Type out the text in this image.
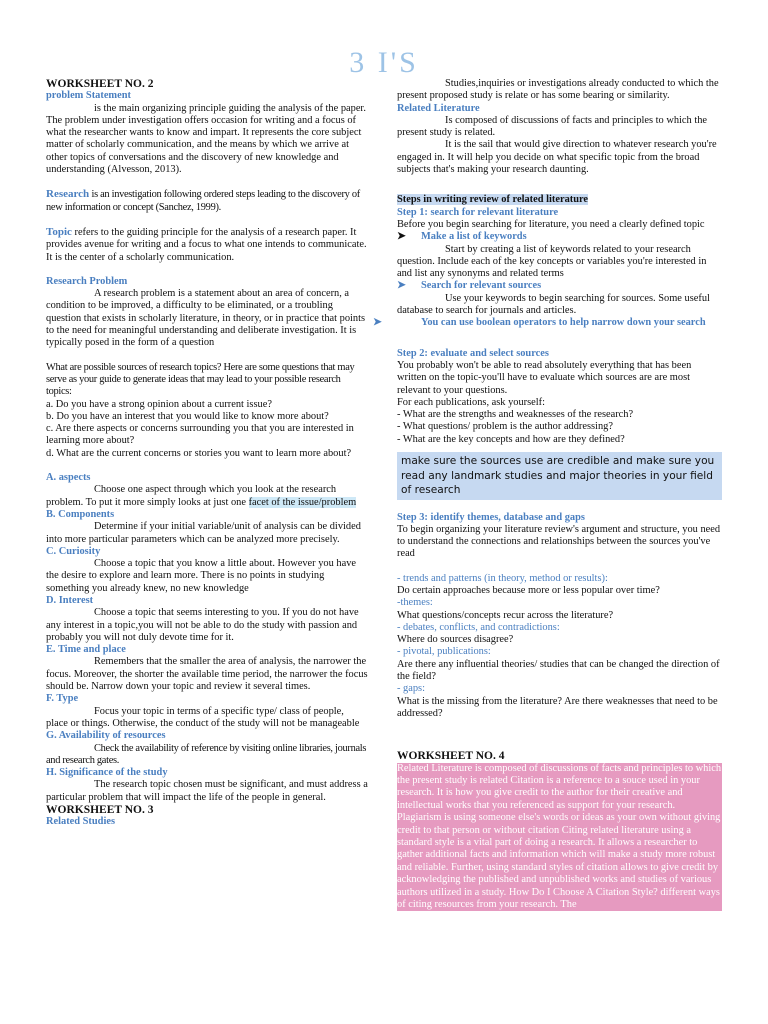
3 I'S

WORKSHEET NO. 2

problem Statement

is the main organizing principle guiding the analysis of the paper. The problem under investigation offers occasion for writing and a focus of what the researcher wants to know and impart. It represents the core subject matter of scholarly communication, and the means by which we arrive at other topics of conversations and the discovery of new knowledge and understanding (Alvesson, 2013).

Research is an investigation following ordered steps leading to the discovery of new information or concept (Sanchez, 1999).

Topic refers to the guiding principle for the analysis of a research paper. It provides avenue for writing and a focus to what one intends to communicate. It is the center of a scholarly communication.

Research Problem

A research problem is a statement about an area of concern, a condition to be improved, a difficulty to be eliminated, or a troubling question that exists in scholarly literature, in theory, or in practice that points to the need for meaningful understanding and deliberate investigation. It is typically posed in the form of a question

What are possible sources of research topics? Here are some questions that may serve as your guide to generate ideas that may lead to your possible research topics:

a. Do you have a strong opinion about a current issue?

b. Do you have an interest that you would like to know more about?

c. Are there aspects or concerns surrounding you that you are interested in learning more about?

d. What are the current concerns or stories you want to learn more about?

A. aspects

Choose one aspect through which you look at the research problem. To put it more simply looks at just one facet of the issue/problem

B. Components

Determine if your initial variable/unit of analysis can be divided into more particular parameters which can be analyzed more precisely.

C. Curiosity

Choose a topic that you know a little about. However you have the desire to explore and learn more. There is no points in studying something you already knew, no new knowledge

D. Interest

Choose a topic that seems interesting to you. If you do not have any interest in a topic,you will not be able to do the study with passion and probably you will not duly devote time for it.

E. Time and place

Remembers that the smaller the area of analysis, the narrower the focus. Moreover, the shorter the available time period, the narrower the focus should be. Narrow down your topic and review it several times.

F. Type

Focus your topic in terms of a specific type/ class of people, place or things. Otherwise, the conduct of the study will not be manageable

G. Availability of resources

Check the availability of reference by visiting online libraries, journals and research gates.

H. Significance of the study

The research topic chosen must be significant, and must address a particular problem that will impact the life of the people in general.

WORKSHEET NO. 3

Related Studies

Studies,inquiries or investigations already conducted to which the present proposed study is relate or has some bearing or similarity.

Related Literature

Is composed of discussions of facts and principles to which the present study is related.

It is the sail that would give direction to whatever research you're engaged in. It will help you decide on what specific topic from the broad subjects that's making your research daunting.

Steps in writing review of related literature

Step 1: search for relevant literature

Before you begin searching for literature, you need a clearly defined topic

➤ Make a list of keywords

Start by creating a list of keywords related to your research question. Include each of the key concepts or variables you're interested in and list any synonyms and related terms

➤ Search for relevant sources

Use your keywords to begin searching for sources. Some useful database to search for journals and articles.

➤	You can use boolean operators to help narrow down your search

Step 2: evaluate and select sources

You probably won't be able to read absolutely everything that has been written on the topic-you'll have to evaluate which sources are are most relevant to your questions.

For each publications, ask yourself:

- What are the strengths and weaknesses of the research?

- What questions/ problem is the author addressing?

- What are the key concepts and how are they defined?

make sure the sources use are credible and make sure you read any landmark studies and major theories in your field of research

Step 3: identify themes, database and gaps

To begin organizing your literature review's argument and structure, you need to understand the connections and relationships between the sources you've read

- trends and patterns (in theory, method or results):

Do certain approaches because more or less popular over time?

-themes:

What questions/concepts recur across the literature?

- debates, conflicts, and contradictions:

Where do sources disagree?

- pivotal, publications:

Are there any influential theories/ studies that can be changed the direction of the field?

- gaps:

What is the missing from the literature? Are there weaknesses that need to be addressed?

WORKSHEET NO. 4

Related Literature is composed of discussions of facts and principles to which the present study is related Citation is a reference to a souce used in your research. It is how you give credit to the author for their creative and intellectual works that you referenced as support for your research. Plagiarism is using someone else's words or ideas as your own without giving credit to that person or without citation Citing related literature using a standard style is a vital part of doing a research. It allows a researcher to gather additional facts and information which will make a study more robust and reliable. Further, using standard styles of citation allows to give credit by acknowledging the published and unpublished works and studies of various authors utilized in a study. How Do I Choose A Citation Style? different ways of citing resources from your research. The
